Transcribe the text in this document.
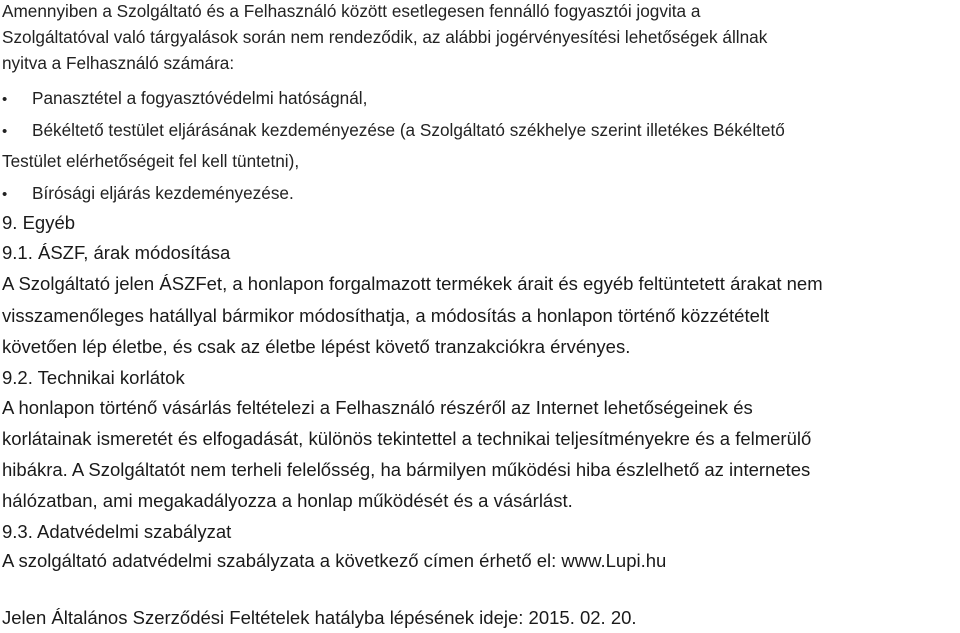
Amennyiben a Szolgáltató és a Felhasználó között esetlegesen fennálló fogyasztói jogvita a
Szolgáltatóval való tárgyalások során nem rendeződik, az alábbi jogérvényesítési lehetőségek állnak
nyitva a Felhasználó számára:
• Panasztétel a fogyasztóvédelmi hatóságnál,
• Békéltető testület eljárásának kezdeményezése (a Szolgáltató székhelye szerint illetékes Békéltető
Testület elérhetőségeit fel kell tüntetni),
• Bírósági eljárás kezdeményezése.
9. Egyéb
9.1. ÁSZF, árak módosítása
A Szolgáltató jelen ÁSZFet, a honlapon forgalmazott termékek árait és egyéb feltüntetett árakat nem
visszamenőleges hatállyal bármikor módosíthatja, a módosítás a honlapon történő közzétételt
követően lép életbe, és csak az életbe lépést követő tranzakciókra érvényes.
9.2. Technikai korlátok
A honlapon történő vásárlás feltételezi a Felhasználó részéről az Internet lehetőségeinek és
korlátainak ismeretét és elfogadását, különös tekintettel a technikai teljesítményekre és a felmerülő
hibákra. A Szolgáltatót nem terheli felelősség, ha bármilyen működési hiba észlelhető az internetes
hálózatban, ami megakadályozza a honlap működését és a vásárlást.
9.3. Adatvédelmi szabályzat
A szolgáltató adatvédelmi szabályzata a következő címen érhető el: www.Lupi.hu
Jelen Általános Szerződési Feltételek hatályba lépésének ideje: 2015. 02. 20.
